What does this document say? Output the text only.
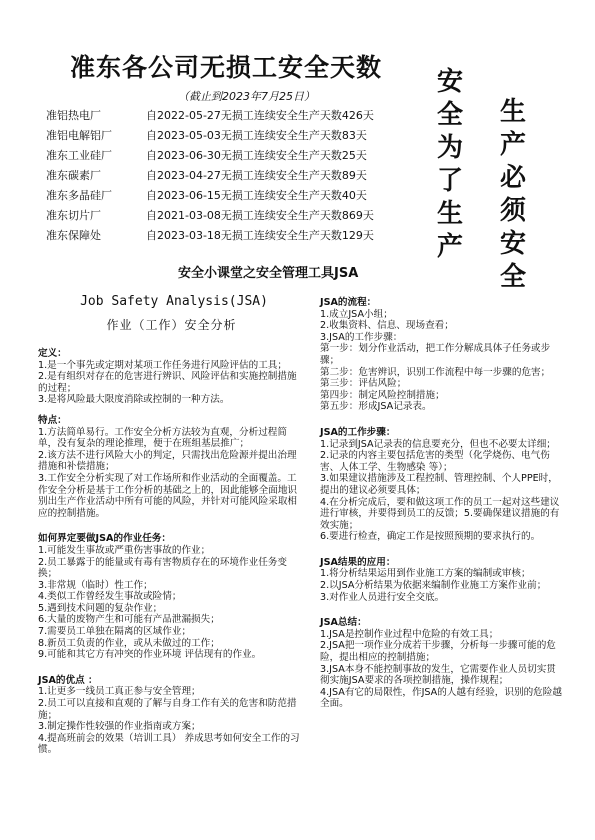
准东各公司无损工安全天数
（截止到2023年7月25日）	安全为了生产
生产必须安全
准铝热电厂	自2022-05-27无损工连续安全生产天数426天
准铝电解铝厂	自2023-05-03无损工连续安全生产天数83天
准东工业硅厂	自2023-06-30无损工连续安全生产天数25天
准东碳素厂	自2023-04-27无损工连续安全生产天数89天
准东多晶硅厂	自2023-06-15无损工连续安全生产天数40天
准东切片厂	自2021-03-08无损工连续安全生产天数869天
准东保障处	自2023-03-18无损工连续安全生产天数129天
安全小课堂之安全管理工具JSA
Job Safety Analysis(JSA)
作业（工作）安全分析
定义：
1.是一个事先或定期对某项工作任务进行风险评估的工具；
2.是有组织对存在的危害进行辨识、风险评估和实施控制措施的过程；
3.是将风险最大限度消除或控制的一种方法。
特点：
1.方法简单易行。工作安全分析方法较为直观，分析过程简单，没有复杂的理论推理，便于在班组基层推广；
2.该方法不进行风险大小的判定，只需找出危险源并提出治理措施和补偿措施；
3.工作安全分析实现了对工作场所和作业活动的全面覆盖。工作安全分析是基于工作分析的基础之上的，因此能够全面地识别出生产作业活动中所有可能的风险，并针对可能风险采取相应的控制措施。
如何界定要做JSA的作业任务：
1.可能发生事故或严重伤害事故的作业；
2.员工暴露于的能量或有毒有害物质存在的环境作业任务变换；
3.非常规（临时）性工作；
4.类似工作曾经发生事故或险情；
5.遇到技术问题的复杂作业；
6.大量的废物产生和可能有产品泄漏损失；
7.需要员工单独在隔离的区域作业；
8.新员工负责的作业，或从未做过的工作；
9.可能和其它方有冲突的作业环境 评估现有的作业。
JSA的优点 ：
1.让更多一线员工真正参与安全管理；
2.员工可以直接和直观的了解与自身工作有关的危害和防范措施；
3.制定操作性较强的作业指南或方案；
4.提高班前会的效果（培训工具） 养成思考如何安全工作的习惯。
JSA的流程：
1.成立JSA小组；
2.收集资料、信息、现场查看；
3.JSA的工作步骤：
第一步：划分作业活动，把工作分解成具体子任务或步骤；
第二步：危害辨识，识别工作流程中每一步骤的危害；
第三步：评估风险；
第四步：制定风险控制措施；
第五步：形成JSA记录表。
JSA的工作步骤：
1.记录到JSA记录表的信息要充分，但也不必要太详细；
2.记录的内容主要包括危害的类型（化学烧伤、电气伤害、人体工学、生物感染 等）；
3.如果建议措施涉及工程控制、管理控制、个人PPE时，提出的建议必须要具体；
4.在分析完成后，要和做这项工作的员工一起对这些建议进行审核，并要得到员工的反馈；5.要确保建议措施的有效实施；
6.要进行检查，确定工作是按照预期的要求执行的。
JSA结果的应用：
1.将分析结果运用到作业施工方案的编制或审核；
2.以JSA分析结果为依据来编制作业施工方案作业前；
3.对作业人员进行安全交底。
JSA总结：
1.JSA是控制作业过程中危险的有效工具；
2.JSA把一项作业分成若干步骤，分析每一步骤可能的危险，提出相应的控制措施；
3.JSA本身不能控制事故的发生，它需要作业人员切实贯彻实施JSA要求的各项控制措施，操作规程；
4.JSA有它的局限性，作JSA的人越有经验，识别的危险越全面。
